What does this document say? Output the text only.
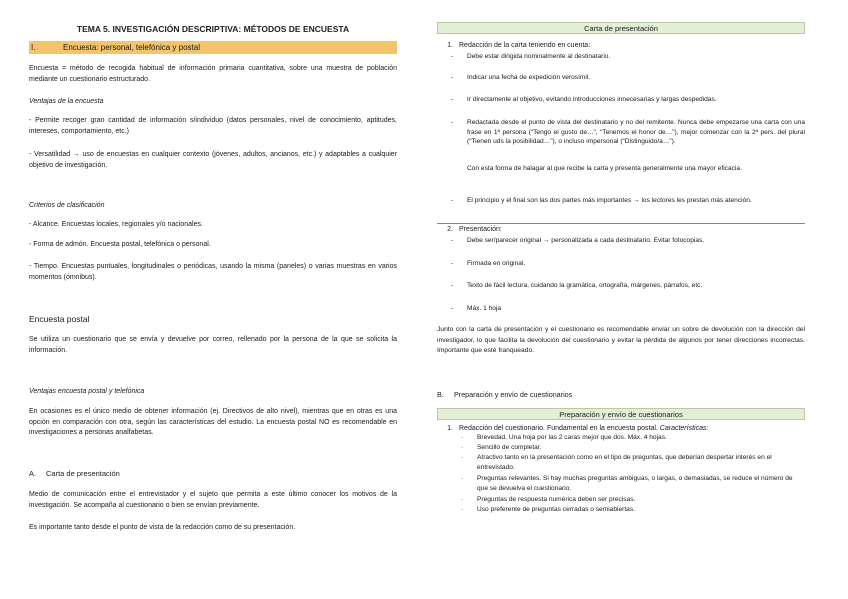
TEMA 5. INVESTIGACIÓN DESCRIPTIVA: MÉTODOS DE ENCUESTA
I.	Encuesta: personal, telefónica y postal

Encuesta = método de recogida habitual de información primaria cuantitativa, sobre una muestra de población mediante un cuestionario estructurado.

Ventajas de la encuesta

- Permite recoger gran cantidad de información s/individuo (datos personales, nivel de conocimiento, aptitudes, intereses, comportamiento, etc.)

- Versatilidad → uso de encuestas en cualquier contexto (jóvenes, adultos, ancianos, etc.) y adaptables a cualquier objetivo de investigación.

Criterios de clasificación

- Alcance. Encuestas locales, regionales y/o nacionales.

- Forma de admón. Encuesta postal, telefónica o personal.

- Tiempo. Encuestas puntuales, longitudinales o periódicas, usando la misma (paneles) o varias muestras en varios momentos (ómnibus).

Encuesta postal

Se utiliza un cuestionario que se envía y devuelve por correo, rellenado por la persona de la que se solicita la información.

Ventajas encuesta postal y telefónica

En ocasiones es el único medio de obtener información (ej. Directivos de alto nivel), mientras que en otras es una opción en comparación con otra, según las características del estudio. La encuesta postal NO es recomendable en investigaciones a personas analfabetas.

A. Carta de presentación

Medio de comunicación entre el entrevistador y el sujeto que permita a este último conocer los motivos de la investigación. Se acompaña al cuestionario o bien se envían previamente.

Es importante tanto desde el punto de vista de la redacción como de su presentación.

Carta de presentación
1. Redacción de la carta teniendo en cuenta:
-	Debe estar dirigida nominalmente al destinatario.
-	Indicar una fecha de expedición verosímil.
-	Ir directamente al objetivo, evitando introducciones innecesarias y largas despedidas.
-	Redactada desde el punto de vista del destinatario y no del remitente. Nunca debe empezarse una carta con una frase en 1ª persona (“Tengo el gusto de…”, “Tenemos el honor de…”), mejor comenzar con la 2ª pers. del plural (“Tienen uds la posibilidad…”), o incluso impersonal (“Distinguido/a…”).
Con esta forma de halagar al que recibe la carta y presenta generalmente una mayor eficacia.
-	El principio y el final son las dos partes más importantes → los lectores les prestan más atención.
2. Presentación:
-	Debe ser/parecer original → personalizada a cada destinatario. Evitar fotocopias.
-	Firmada en original.
-	Texto de fácil lectura, cuidando la gramática, ortografía, márgenes, párrafos, etc.
-	Máx. 1 hoja

Junto con la carta de presentación y el cuestionario es recomendable enviar un sobre de devolución con la dirección del investigador, lo que facilita la devolución del cuestionario y evitar la pérdida de algunos por tener direcciones incorrectas. Importante que esté franqueado.

B. Preparación y envío de cuestionarios
Preparación y envío de cuestionarios
1. Redacción del cuestionario. Fundamental en la encuesta postal. Características:
·	Brevedad. Una hoja por las 2 caras mejor que dos. Máx. 4 hojas.
·	Sencillo de completar.
·	Atractivo tanto en la presentación como en el tipo de preguntas, que deberían despertar interés en el entrevistado.
·	Preguntas relevantes. Si hay muchas preguntas ambiguas, o largas, o demasiadas, se reduce el número de que se devuelva el cuestionario.
·	Preguntas de respuesta numérica deben ser precisas.
·	Uso preferente de preguntas cerradas o semiabiertas.
